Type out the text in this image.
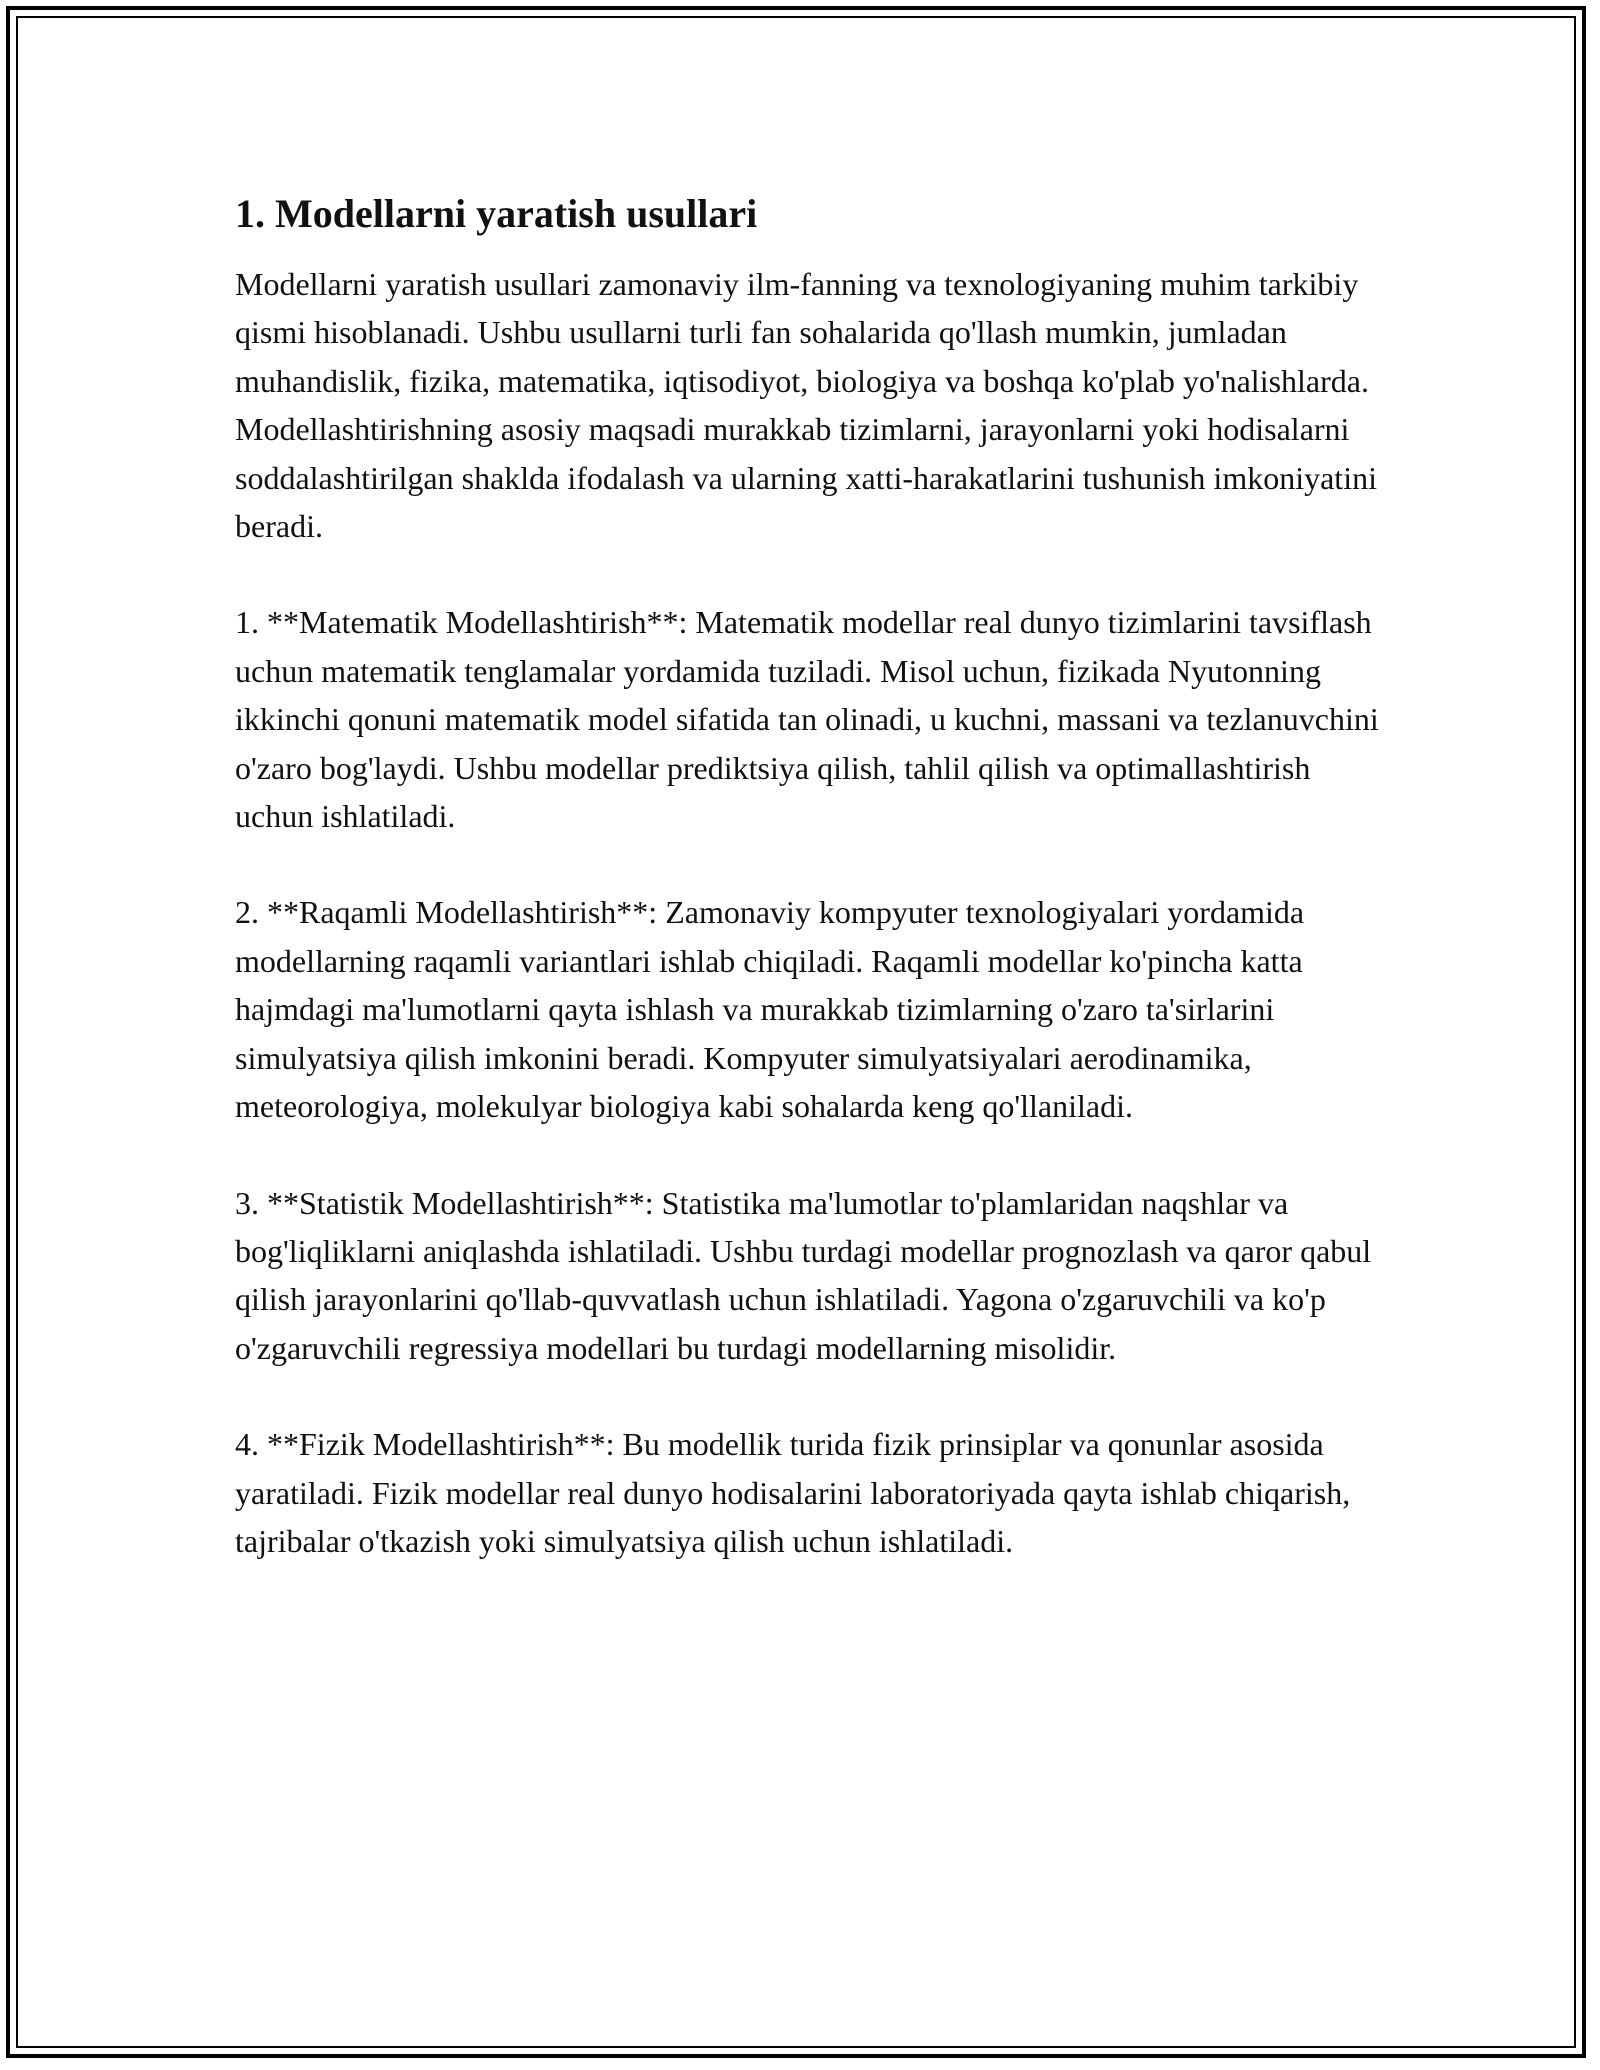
1. Modellarni yaratish usullari

Modellarni yaratish usullari zamonaviy ilm-fanning va texnologiyaning muhim tarkibiy qismi hisoblanadi. Ushbu usullarni turli fan sohalarida qo'llash mumkin, jumladan muhandislik, fizika, matematika, iqtisodiyot, biologiya va boshqa ko'plab yo'nalishlarda. Modellashtirishning asosiy maqsadi murakkab tizimlarni, jarayonlarni yoki hodisalarni soddalashtirilgan shaklda ifodalash va ularning xatti-harakatlarini tushunish imkoniyatini beradi.

1. **Matematik Modellashtirish**: Matematik modellar real dunyo tizimlarini tavsiflash uchun matematik tenglamalar yordamida tuziladi. Misol uchun, fizikada Nyutonning ikkinchi qonuni matematik model sifatida tan olinadi, u kuchni, massani va tezlanuvchini o'zaro bog'laydi. Ushbu modellar prediktsiya qilish, tahlil qilish va optimallashtirish uchun ishlatiladi.

2. **Raqamli Modellashtirish**: Zamonaviy kompyuter texnologiyalari yordamida modellarning raqamli variantlari ishlab chiqiladi. Raqamli modellar ko'pincha katta hajmdagi ma'lumotlarni qayta ishlash va murakkab tizimlarning o'zaro ta'sirlarini simulyatsiya qilish imkonini beradi. Kompyuter simulyatsiyalari aerodinamika, meteorologiya, molekulyar biologiya kabi sohalarda keng qo'llaniladi.

3. **Statistik Modellashtirish**: Statistika ma'lumotlar to'plamlaridan naqshlar va bog'liqliklarni aniqlashda ishlatiladi. Ushbu turdagi modellar prognozlash va qaror qabul qilish jarayonlarini qo'llab-quvvatlash uchun ishlatiladi. Yagona o'zgaruvchili va ko'p o'zgaruvchili regressiya modellari bu turdagi modellarning misolidir.

4. **Fizik Modellashtirish**: Bu modellik turida fizik prinsiplar va qonunlar asosida yaratiladi. Fizik modellar real dunyo hodisalarini laboratoriyada qayta ishlab chiqarish, tajribalar o'tkazish yoki simulyatsiya qilish uchun ishlatiladi.
